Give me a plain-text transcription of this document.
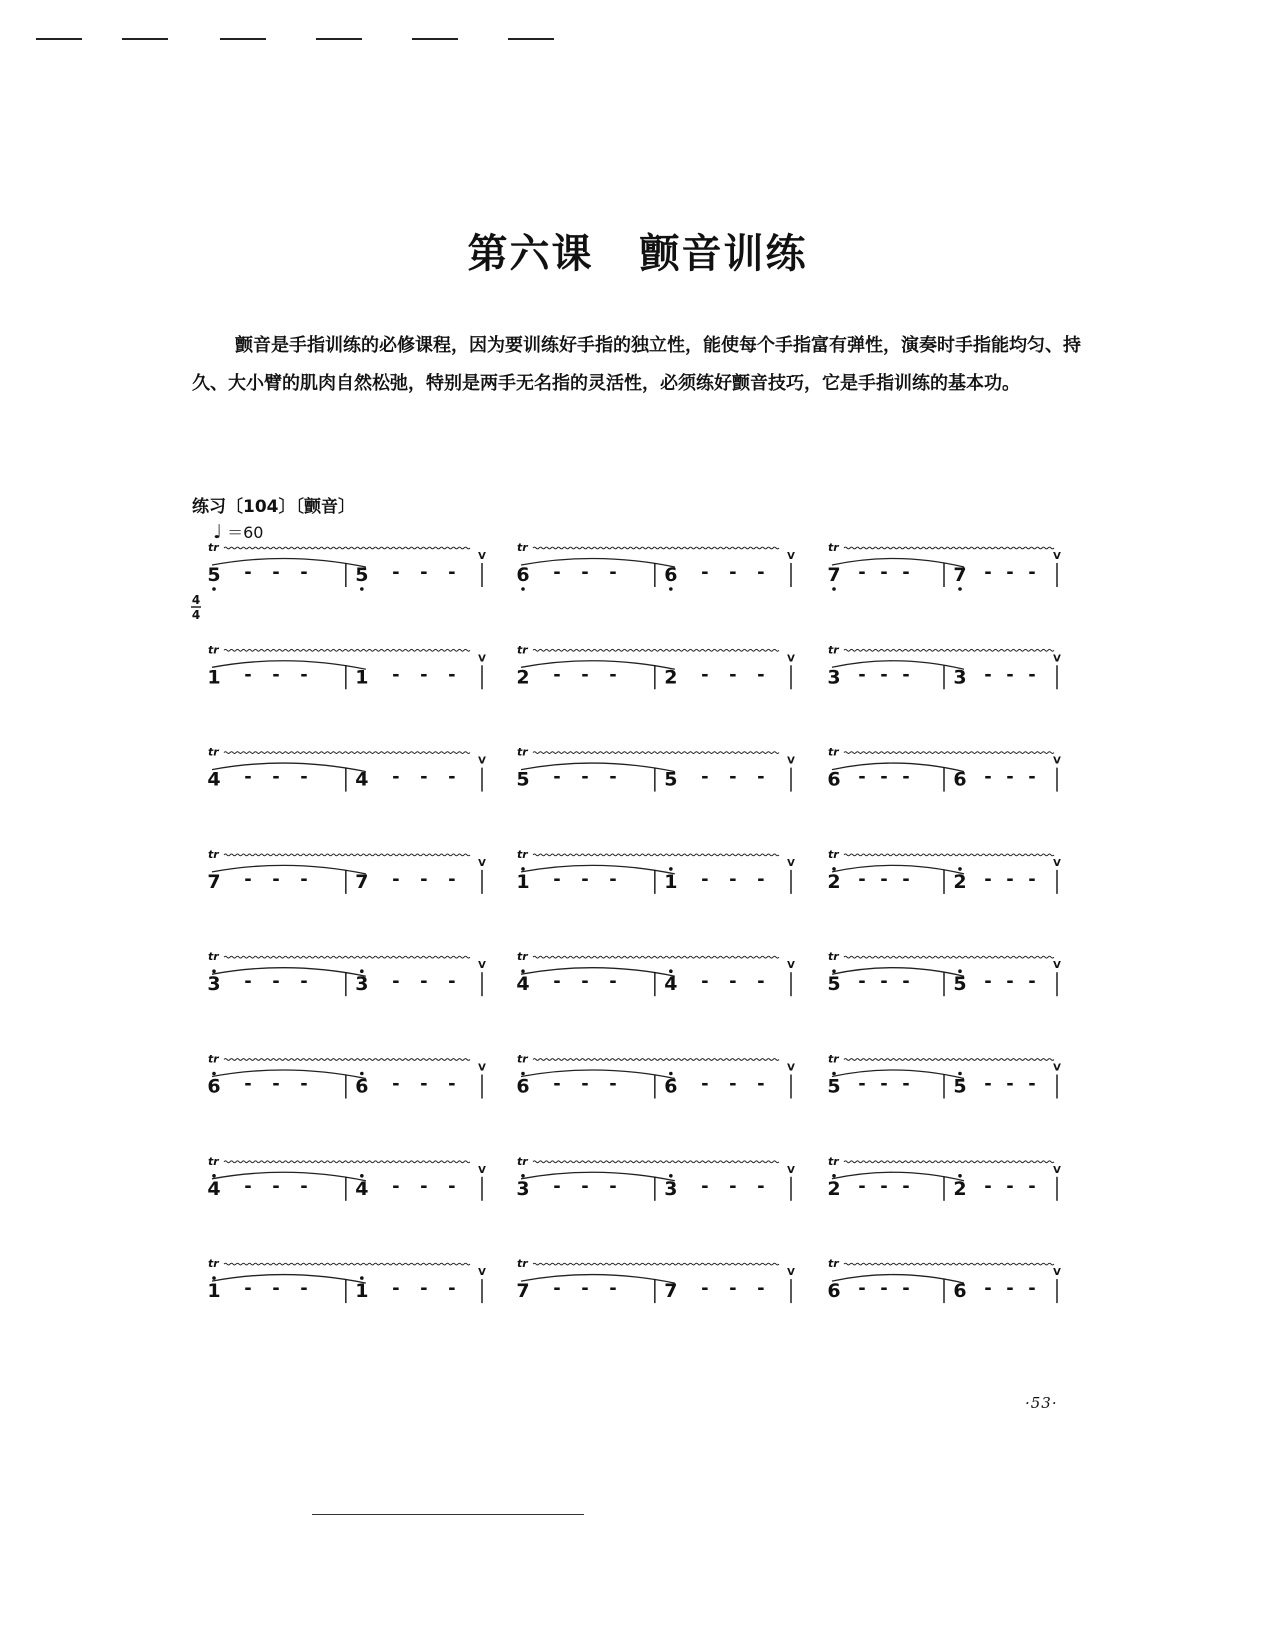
第六课 颤音训练

颤音是手指训练的必修课程，因为要训练好手指的独立性，能使每个手指富有弹性，演奏时手指能均匀、持久、大小臂的肌肉自然松弛，特别是两手无名指的灵活性，必须练好颤音技巧，它是手指训练的基本功。

练习〔104〕〔颤音〕
♩ ＝60
4
4
tr
5 - - - 5 - - -
V
tr
6 - - - 6 - - -
V
tr
7 - - - 7 - - -
V
tr
1 - - - 1 - - -
V
tr
2 - - - 2 - - -
V
tr
3 - - - 3 - - -
V
tr
4 - - - 4 - - -
V
tr
5 - - - 5 - - -
V
tr
6 - - - 6 - - -
V
tr
7 - - - 7 - - -
V
tr
1 - - - 1 - - -
V
tr
2 - - - 2 - - -
V
tr
3 - - - 3 - - -
V
tr
4 - - - 4 - - -
V
tr
5 - - - 5 - - -
V
tr
6 - - - 6 - - -
V
tr
6 - - - 6 - - -
V
tr
5 - - - 5 - - -
V
tr
4 - - - 4 - - -
V
tr
3 - - - 3 - - -
V
tr
2 - - - 2 - - -
V
tr
1 - - - 1 - - -
V
tr
7 - - - 7 - - -
V
tr
6 - - - 6 - - -
V
·53·
